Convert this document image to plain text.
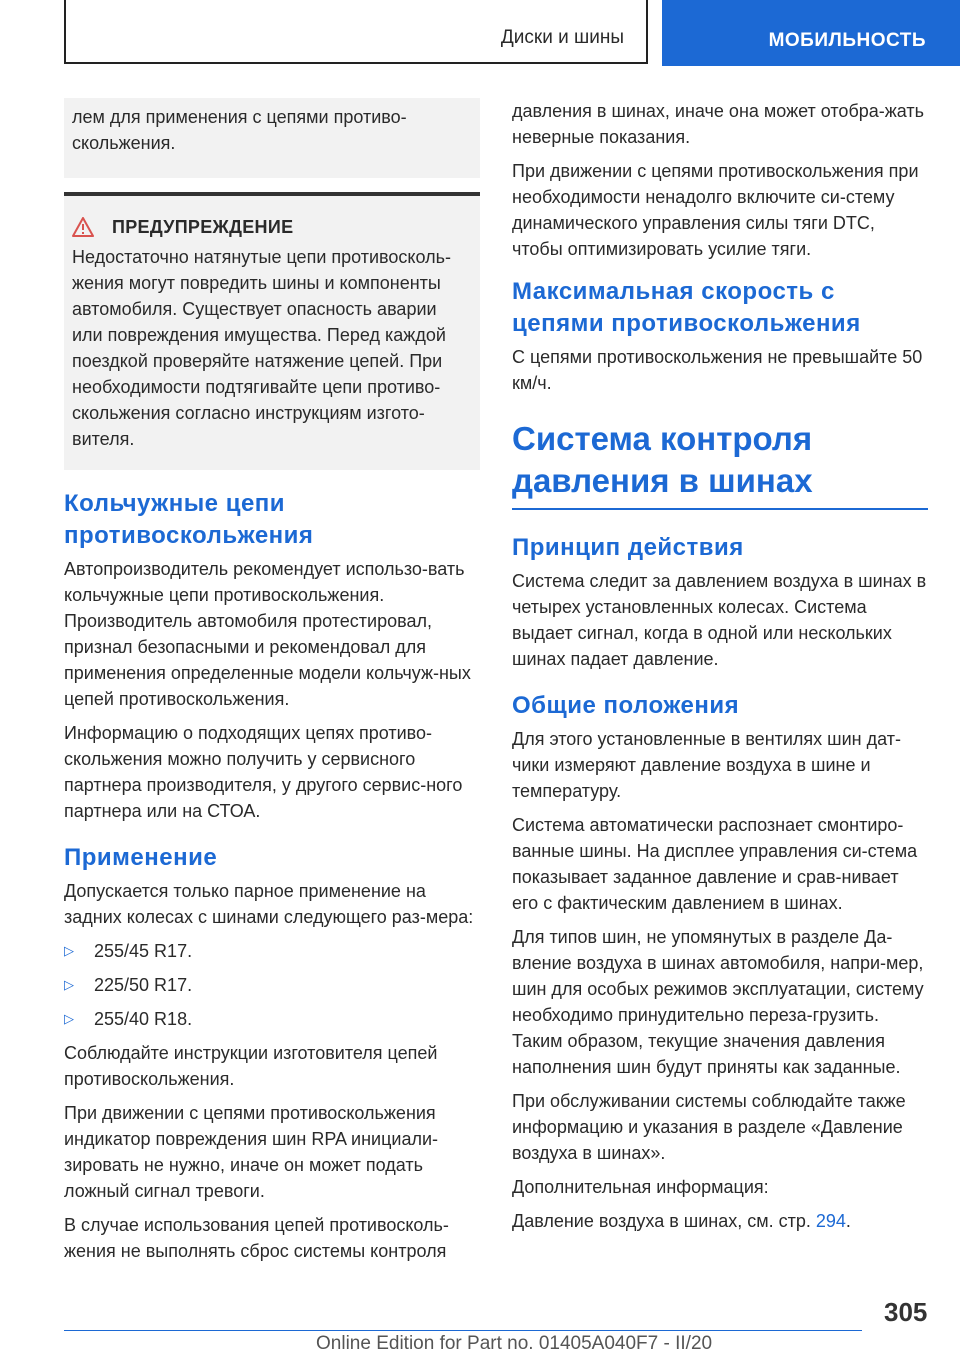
Диски и шины	МОБИЛЬНОСТЬ

лем для применения с цепями противо-скольжения.

ПРЕДУПРЕЖДЕНИЕ

Недостаточно натянутые цепи противосколь-жения могут повредить шины и компоненты автомобиля. Существует опасность аварии или повреждения имущества. Перед каждой поездкой проверяйте натяжение цепей. При необходимости подтягивайте цепи противо-скольжения согласно инструкциям изгото-вителя.

Кольчужные цепи противоскольжения

Автопроизводитель рекомендует использо-вать кольчужные цепи противоскольжения. Производитель автомобиля протестировал, признал безопасными и рекомендовал для применения определенные модели кольчуж-ных цепей противоскольжения.

Информацию о подходящих цепях противо-скольжения можно получить у сервисного партнера производителя, у другого сервис-ного партнера или на СТОА.

Применение

Допускается только парное применение на задних колесах с шинами следующего раз-мера:

▷	255/45 R17.
▷	225/50 R17.
▷	255/40 R18.

Соблюдайте инструкции изготовителя цепей противоскольжения.

При движении с цепями противоскольжения индикатор повреждения шин RPA инициали-зировать не нужно, иначе он может подать ложный сигнал тревоги.

В случае использования цепей противосколь-жения не выполнять сброс системы контроля

давления в шинах, иначе она может отобра-жать неверные показания.

При движении с цепями противоскольжения при необходимости ненадолго включите си-стему динамического управления силы тяги DTC, чтобы оптимизировать усилие тяги.

Максимальная скорость с цепями противоскольжения

С цепями противоскольжения не превышайте 50 км/ч.

Система контроля давления в шинах
Принцип действия

Система следит за давлением воздуха в шинах в четырех установленных колесах. Система выдает сигнал, когда в одной или нескольких шинах падает давление.

Общие положения

Для этого установленные в вентилях шин дат-чики измеряют давление воздуха в шине и температуру.

Система автоматически распознает смонтиро-ванные шины. На дисплее управления си-стема показывает заданное давление и срав-нивает его с фактическим давлением в шинах.

Для типов шин, не упомянутых в разделе Да-вление воздуха в шинах автомобиля, напри-мер, шин для особых режимов эксплуатации, систему необходимо принудительно переза-грузить. Таким образом, текущие значения давления наполнения шин будут приняты как заданные.

При обслуживании системы соблюдайте также информацию и указания в разделе «Давление воздуха в шинах».

Дополнительная информация:

Давление воздуха в шинах, см. стр. 294.

305
Online Edition for Part no. 01405A040F7 - II/20
